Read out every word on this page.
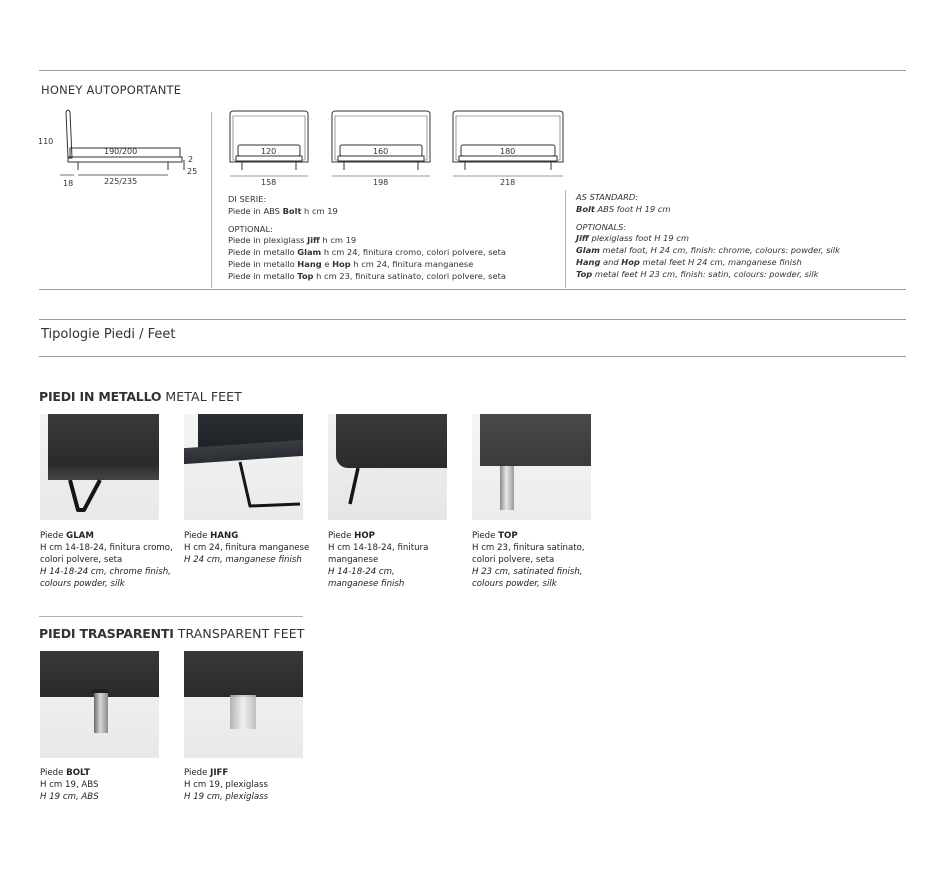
HONEY AUTOPORTANTE
110
190/200
2
25
18	225/235
120
158
160
198
180
218
DI SERIE:
Piede in ABS Bolt h cm 19
OPTIONAL:
Piede in plexiglass Jiff h cm 19
Piede in metallo Glam h cm 24, finitura cromo, colori polvere, seta
Piede in metallo Hang e Hop h cm 24, finitura manganese
Piede in metallo Top h cm 23, finitura satinato, colori polvere, seta
AS STANDARD:
Bolt ABS foot H 19 cm
OPTIONALS:
Jiff plexiglass foot H 19 cm
Glam metal foot, H 24 cm, finish: chrome, colours: powder, silk
Hang and Hop metal feet H 24 cm, manganese finish
Top metal feet H 23 cm, finish: satin, colours: powder, silk
Tipologie Piedi / Feet
PIEDI IN METALLO METAL FEET
Piede GLAM
H cm 14-18-24, finitura cromo,
colori polvere, seta
H 14-18-24 cm, chrome finish,
colours powder, silk
Piede HANG
H cm 24, finitura manganese
H 24 cm, manganese finish
Piede HOP
H cm 14-18-24, finitura
manganese
H 14-18-24 cm,
manganese finish
Piede TOP
H cm 23, finitura satinato,
colori polvere, seta
H 23 cm, satinated finish,
colours powder, silk
PIEDI TRASPARENTI TRANSPARENT FEET
Piede BOLT
H cm 19, ABS
H 19 cm, ABS
Piede JIFF
H cm 19, plexiglass
H 19 cm, plexiglass
